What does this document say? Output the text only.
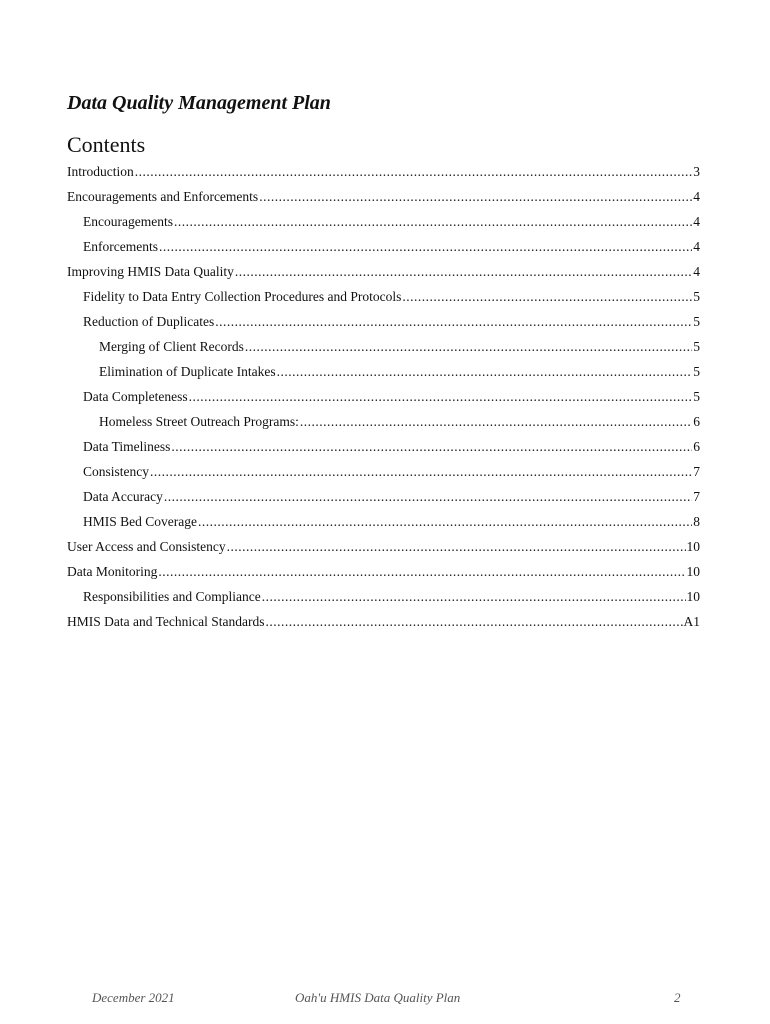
Data Quality Management Plan
Contents
Introduction .....	3
Encouragements and Enforcements .....	4
Encouragements .....	4
Enforcements .....	4
Improving HMIS Data Quality .....	4
Fidelity to Data Entry Collection Procedures and Protocols .....	5
Reduction of Duplicates .....	5
Merging of Client Records .....	5
Elimination of Duplicate Intakes .....	5
Data Completeness .....	5
Homeless Street Outreach Programs: .....	6
Data Timeliness .....	6
Consistency .....	7
Data Accuracy .....	7
HMIS Bed Coverage .....	8
User Access and Consistency .....	10
Data Monitoring .....	10
Responsibilities and Compliance .....	10
HMIS Data and Technical Standards .....	A1
December 2021	Oah'u HMIS Data Quality Plan	2
